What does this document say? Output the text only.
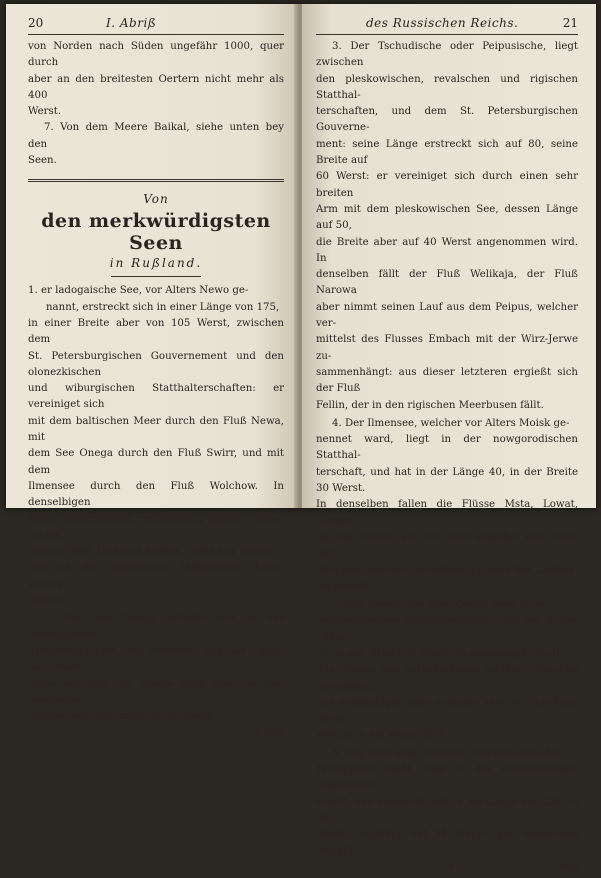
20	I. Abriß

von Norden nach Süden ungefähr 1000, quer durch

aber an den breitesten Oertern nicht mehr als 400

Werst.

7. Von dem Meere Baikal, siehe unten bey den

Seen.

Von
den merkwürdigsten Seen
in Rußland.

1. er ladogaische See, vor Alters Newo ge-

nannt, erstreckt sich in einer Länge von 175,

in einer Breite aber von 105 Werst, zwischen dem

St. Petersburgischen Gouvernement und den olonezkischen

und wiburgischen Statthalterschaften: er vereiniget sich

mit dem baltischen Meer durch den Fluß Newa, mit

dem See Onega durch den Fluß Swirr, und mit dem

Ilmensee durch den Fluß Wolchow. In denselbigen

fallen verschiedene mittelmäßig große Flüsse, als die

Pascha, Säß, Ojat und andere. Nahe bey diesem

See ist der sogenannte ladogaische Kanal vorbey-

geführt.

2. Der See Onega befindet sich in der olonezkischen

Statthalterschaft, und erstreckt sich der Länge nach höch-

stens auf 200, der Breite nach aber an den breitesten

Stellen, auf nicht mehr als 80 Werst.

3. Der
des Russischen Reichs.	21

3. Der Tschudische oder Peipusische, liegt zwischen

den pleskowischen, revalschen und rigischen Statthal-

terschaften, und dem St. Petersburgischen Gouverne-

ment: seine Länge erstreckt sich auf 80, seine Breite auf

60 Werst: er vereiniget sich durch einen sehr breiten

Arm mit dem pleskowischen See, dessen Länge auf 50,

die Breite aber auf 40 Werst angenommen wird. In

denselben fällt der Fluß Welikaja, der Fluß Narowa

aber nimmt seinen Lauf aus dem Peipus, welcher ver-

mittelst des Flusses Embach mit der Wirz-Jerwe zu-

sammenhängt: aus dieser letzteren ergießt sich der Fluß

Fellin, der in den rigischen Meerbusen fällt.

4. Der Ilmensee, welcher vor Alters Moisk ge-

nennet ward, liegt in der nowgorodischen Statthal-

terschaft, und hat in der Länge 40, in der Breite 30 Werst.

In denselben fallen die Flüsse Msta, Lowat, Schelo-

na und andere; aus ihm aber ergießet sich allein der

Wolchow, welcher denselben mit dem See Ladoga

vereiniget.

5. Der Beloje oder Belo-Osero, liegt in der

nowgorodischen Statthalterschaft, und hat in der Länge

50, in der Breite 30 Werst. In denselbigen läuft

das Wasser aus verschiedenen kleinen Flüßchen zusammen,

aus demselbigen aber ergießet sich die Scheksna allein

welche in die Wolga fällt.

6. Der Altin oder Altaisee, welcher sonst der

Telezkische heißt, liegt in der kolliwanischen Statthalter-

schaft, und erstreckt sich in die Länge auf 126, in die

Breite ungefähr auf 84 Werst: aus demselben ergießt

B 3	sich
